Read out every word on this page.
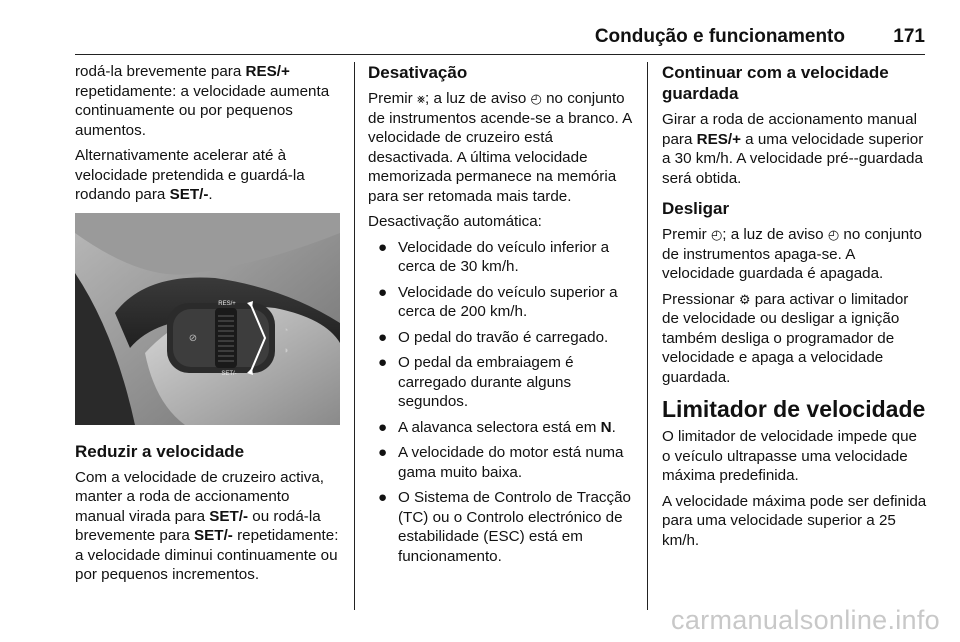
Condução e funcionamento	171

rodá-la brevemente para RES/+ repetidamente: a velocidade aumenta continuamente ou por pequenos aumentos.

Alternativamente acelerar até à velocidade pretendida e guardá-la rodando para SET/-.

RES/+
SET/-
⊘
◔
◑
Reduzir a velocidade

Com a velocidade de cruzeiro activa, manter a roda de accionamento manual virada para SET/- ou rodá-la brevemente para SET/- repetidamente: a velocidade diminui continuamente ou por pequenos incrementos.

Desativação

Premir ⨳; a luz de aviso ◴ no conjunto de instrumentos acende-se a branco. A velocidade de cruzeiro está desactivada. A última velocidade memorizada permanece na memória para ser retomada mais tarde.

Desactivação automática:

● Velocidade do veículo inferior a cerca de 30 km/h.
● Velocidade do veículo superior a cerca de 200 km/h.
● O pedal do travão é carregado.
● O pedal da embraiagem é carregado durante alguns segundos.
● A alavanca selectora está em N.
● A velocidade do motor está numa gama muito baixa.
● O Sistema de Controlo de Tracção (TC) ou o Controlo electrónico de estabilidade (ESC) está em funcionamento.
Continuar com a velocidade guardada

Girar a roda de accionamento manual para RES/+ a uma velocidade superior a 30 km/h. A velocidade pré--guardada será obtida.

Desligar

Premir ◴; a luz de aviso ◴ no conjunto de instrumentos apaga-se. A velocidade guardada é apagada.

Pressionar ⚙ para activar o limitador de velocidade ou desligar a ignição também desliga o programador de velocidade e apaga a velocidade guardada.

Limitador de velocidade

O limitador de velocidade impede que o veículo ultrapasse uma velocidade máxima predefinida.

A velocidade máxima pode ser definida para uma velocidade superior a 25 km/h.

carmanualsonline.info
